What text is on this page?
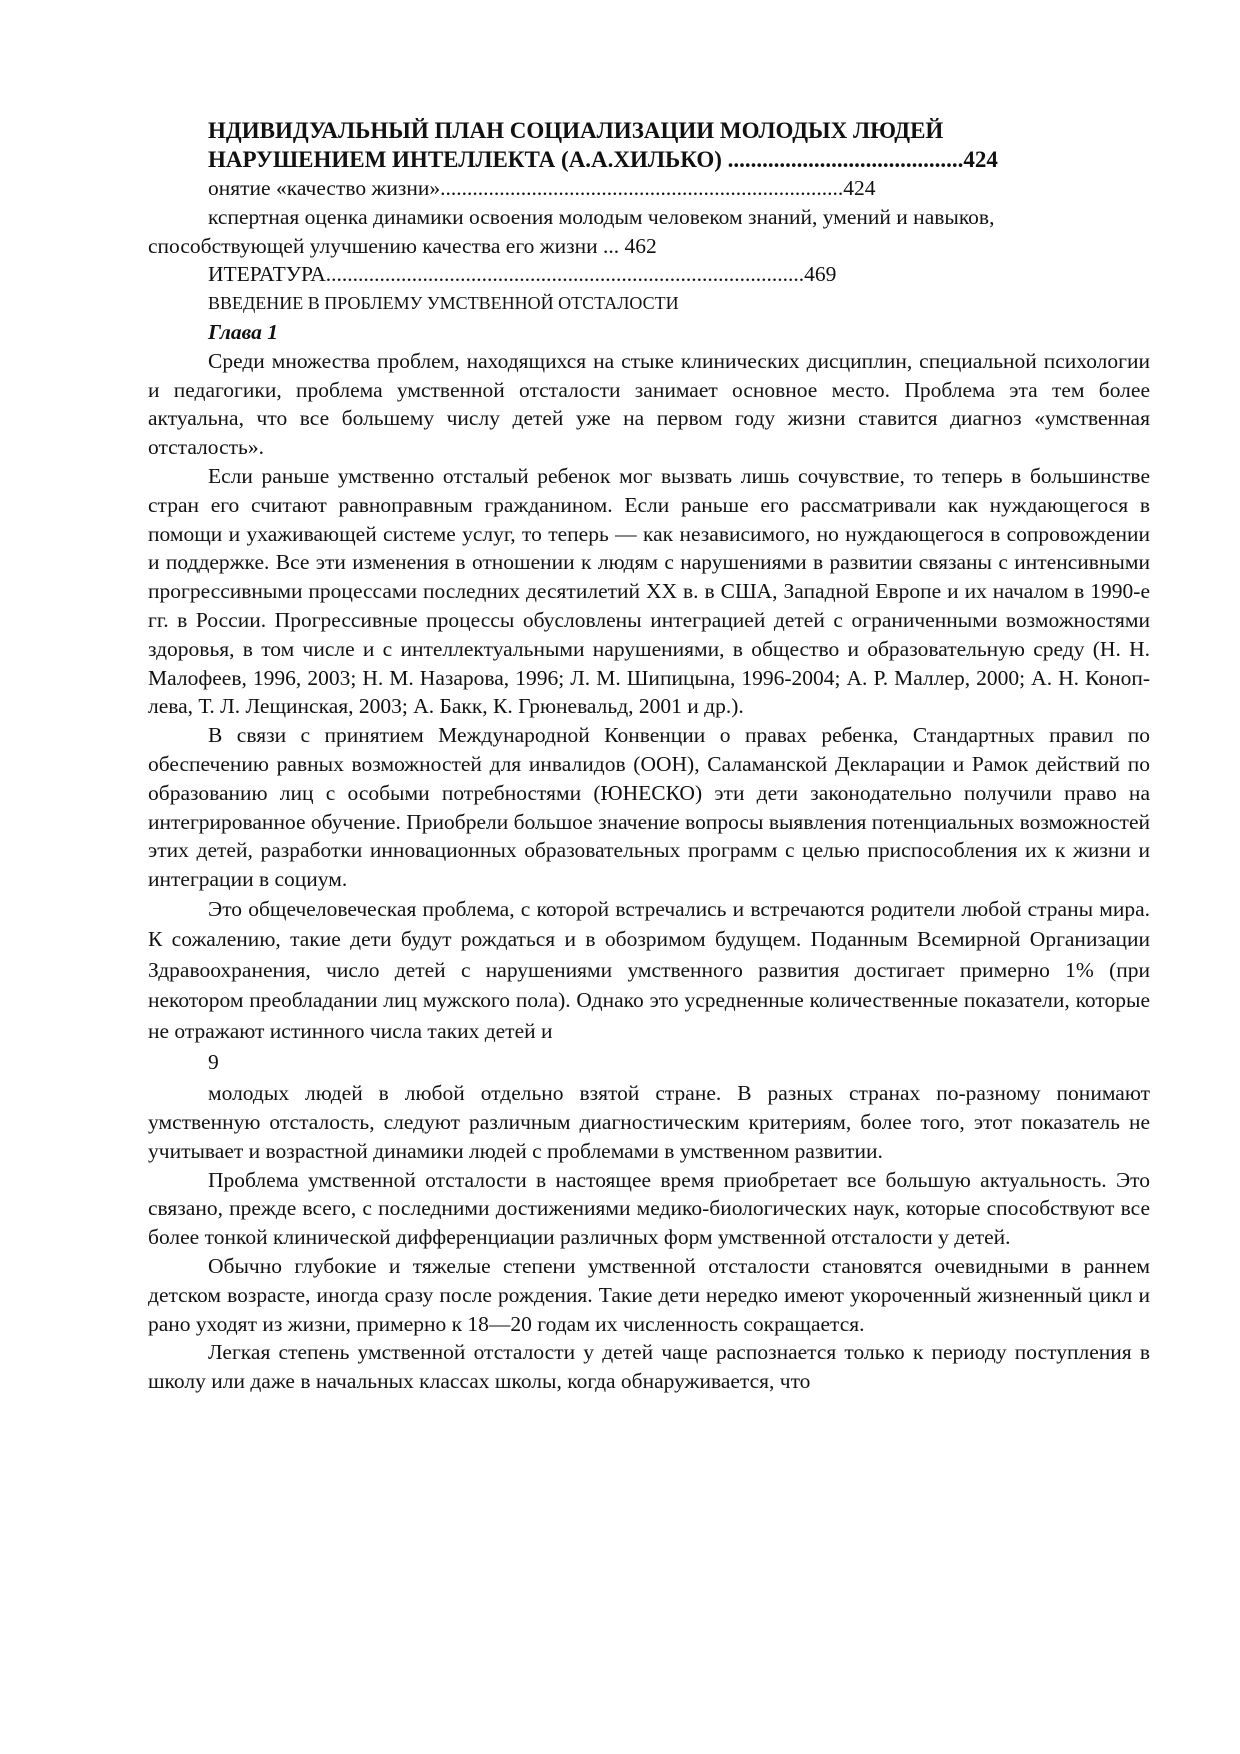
НДИВИДУАЛЬНЫЙ ПЛАН СОЦИАЛИЗАЦИИ МОЛОДЫХ ЛЮДЕЙ
НАРУШЕНИЕМ ИНТЕЛЛЕКТА (А.А.ХИЛЬКО) .........................................424
онятие «качество жизни»...........................................................................424
кспертная оценка динамики освоения молодым человеком знаний, умений и навыков,
способствующей улучшению качества его жизни ... 462
ИТЕРАТУРА.........................................................................................469
ВВЕДЕНИЕ В ПРОБЛЕМУ УМСТВЕННОЙ ОТСТАЛОСТИ
Глава 1

Среди множества проблем, находящихся на стыке клинических дисциплин, специальной психологии и педагогики, проблема умственной отсталости занимает основное место. Проблема эта тем более актуальна, что все большему числу детей уже на первом году жизни ставится диагноз «умственная отсталость».

Если раньше умственно отсталый ребенок мог вызвать лишь сочувствие, то теперь в большинстве стран его считают равноправным гражданином. Если раньше его рассматривали как нуждающегося в помощи и ухаживающей системе услуг, то теперь — как независимого, но нуждающегося в сопровождении и поддержке. Все эти изменения в отношении к людям с нарушениями в развитии связаны с интенсивными прогрессивными процессами последних десятилетий XX в. в США, Западной Европе и их началом в 1990-е гг. в России. Прогрессивные процессы обусловлены интеграцией детей с ограниченными возможностями здоровья, в том числе и с интеллектуальными нарушениями, в общество и образовательную среду (Н. Н. Малофеев, 1996, 2003; Н. М. Назарова, 1996; Л. М. Шипицына, 1996-2004; А. Р. Маллер, 2000; А. Н. Коноп-лева, Т. Л. Лещинская, 2003; А. Бакк, К. Грюневальд, 2001 и др.).

В связи с принятием Международной Конвенции о правах ребенка, Стандартных правил по обеспечению равных возможностей для инвалидов (ООН), Саламанской Декларации и Рамок действий по образованию лиц с особыми потребностями (ЮНЕСКО) эти дети законодательно получили право на интегрированное обучение. Приобрели большое значение вопросы выявления потенциальных возможностей этих детей, разработки инновационных образовательных программ с целью приспособления их к жизни и интеграции в социум.

Это общечеловеческая проблема, с которой встречались и встречаются родители любой страны мира. К сожалению, такие дети будут рождаться и в обозримом будущем. Поданным Всемирной Организации Здравоохранения, число детей с нарушениями умственного развития достигает примерно 1% (при некотором преобладании лиц мужского пола). Однако это усредненные количественные показатели, которые не отражают истинного числа таких детей и

9

молодых людей в любой отдельно взятой стране. В разных странах по-разному понимают умственную отсталость, следуют различным диагностическим критериям, более того, этот показатель не учитывает и возрастной динамики людей с проблемами в умственном развитии.

Проблема умственной отсталости в настоящее время приобретает все большую актуальность. Это связано, прежде всего, с последними достижениями медико-биологических наук, которые способствуют все более тонкой клинической дифференциации различных форм умственной отсталости у детей.

Обычно глубокие и тяжелые степени умственной отсталости становятся очевидными в раннем детском возрасте, иногда сразу после рождения. Такие дети нередко имеют укороченный жизненный цикл и рано уходят из жизни, примерно к 18—20 годам их численность сокращается.

Легкая степень умственной отсталости у детей чаще распознается только к периоду поступления в школу или даже в начальных классах школы, когда обнаруживается, что
